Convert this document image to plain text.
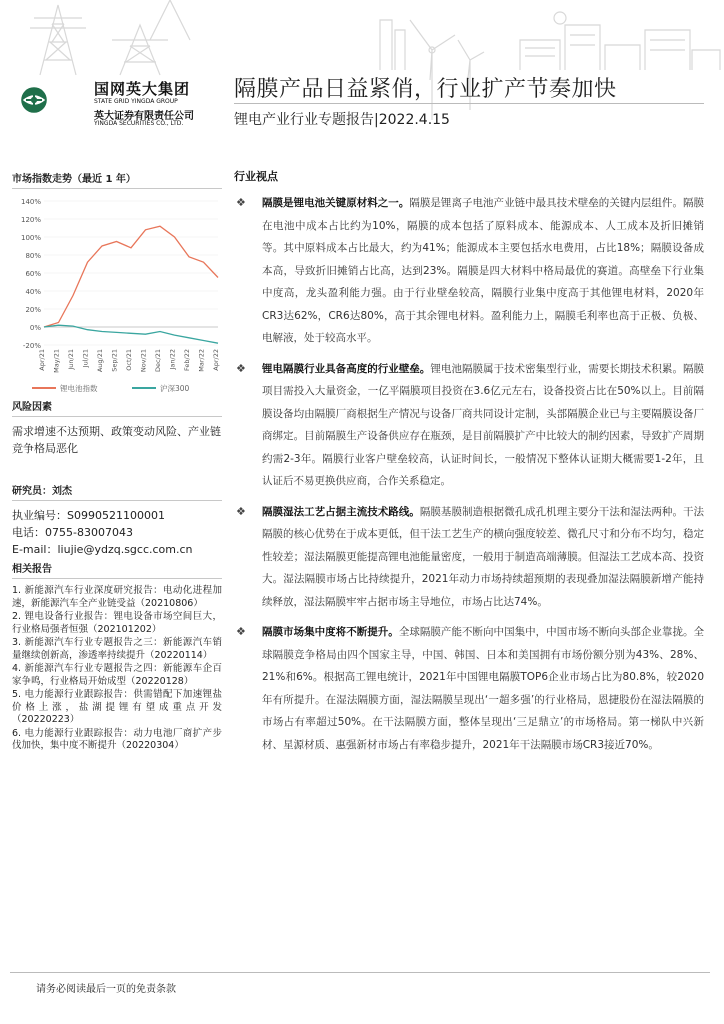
国网英大集团
STATE GRID YINGDA GROUP
英大证券有限责任公司
YINGDA SECURITIES CO., LTD.
隔膜产品日益紧俏，行业扩产节奏加快
锂电产业行业专题报告|2022.4.15
市场指数走势（最近 1 年）
-20%
0%
20%
40%
60%
80%
100%
120%
140%
Apr/21 May/21 Jun/21 Jul/21 Aug/21 Sep/21 Oct/21 Nov/21 Dec/21 Jan/22 Feb/22 Mar/22 Apr/22
锂电池指数	沪深300
风险因素
需求增速不达预期、政策变动风险、产业链竞争格局恶化
研究员：刘杰
执业编号：S0990521100001
电话：0755-83007043
E-mail：liujie@ydzq.sgcc.com.cn
相关报告
1. 新能源汽车行业深度研究报告：电动化进程加速，新能源汽车全产业链受益（20210806）
2. 锂电设备行业报告：锂电设备市场空间巨大，行业格局强者恒强（20210120​2）
3. 新能源汽车行业专题报告之三：新能源汽车销量继续创新高，渗透率持续提升（20220114）
4. 新能源汽车行业专题报告之四：新能源车企百家争鸣，行业格局开始成型（20220128）
5. 电力能源行业跟踪报告：供需错配下加速锂盐价格上涨，盐湖提锂有望成重点开发（20220223）
6. 电力能源行业跟踪报告：动力电池厂商扩产步伐加快，集中度不断提升（20220304）
行业视点
❖ 隔膜是锂电池关键原材料之一。隔膜是锂离子电池产业链中最具技术壁垒的关键内层组件。隔膜在电池中成本占比约为10%，隔膜的成本包括了原料成本、能源成本、人工成本及折旧摊销等。其中原料成本占比最大，约为41%；能源成本主要包括水电费用，占比18%；隔膜设备成本高，导致折旧摊销占比高，达到23%。隔膜是四大材料中格局最优的赛道。高壁垒下行业集中度高，龙头盈利能力强。由于行业壁垒较高，隔膜行业集中度高于其他锂电材料，2020年CR3达62%，CR6达80%，高于其余锂电材料。盈利能力上，隔膜毛利率也高于正极、负极、电解液，处于较高水平。
❖ 锂电隔膜行业具备高度的行业壁垒。锂电池隔膜属于技术密集型行业，需要长期技术积累。隔膜项目需投入大量资金，一亿平隔膜项目投资在3.6亿元左右，设备投资占比在50%以上。目前隔膜设备均由隔膜厂商根据生产情况与设备厂商共同设计定制，头部隔膜企业已与主要隔膜设备厂商绑定。目前隔膜生产设备供应存在瓶颈，是目前隔膜扩产中比较大的制约因素，导致扩产周期约需2-3年。隔膜行业客户壁垒较高，认证时间长，一般情况下整体认证期大概需要1-2年，且认证后不易更换供应商，合作关系稳定。
❖ 隔膜湿法工艺占据主流技术路线。隔膜基膜制造根据微孔成孔机理主要分干法和湿法两种。干法隔膜的核心优势在于成本更低，但干法工艺生产的横向强度较差、微孔尺寸和分布不均匀，稳定性较差；湿法隔膜更能提高锂电池能量密度，一般用于制造高端薄膜。但湿法工艺成本高、投资大。湿法隔膜市场占比持续提升，2021年动力市场持续超预期的表现叠加湿法隔膜新增产能持续释放，湿法隔膜牢牢占据市场主导地位，市场占比达74%。
❖ 隔膜市场集中度将不断提升。全球隔膜产能不断向中国集中，中国市场不断向头部企业靠拢。全球隔膜竞争格局由四个国家主导，中国、韩国、日本和美国拥有市场份额分别为43%、28%、21%和6%。根据高工锂电统计，2021年中国锂电隔膜TOP6企业市场占比为80.8%，较2020年有所提升。在湿法隔膜方面，湿法隔膜呈现出‘一超多强’的行业格局，恩捷股份在湿法隔膜的市场占有率超过50%。在干法隔膜方面，整体呈现出‘三足鼎立’的市场格局。第一梯队中兴新材、星源材质、惠强新材市场占有率稳步提升，2021年干法隔膜市场CR3接近70%。
请务必阅读最后一页的免责条款
